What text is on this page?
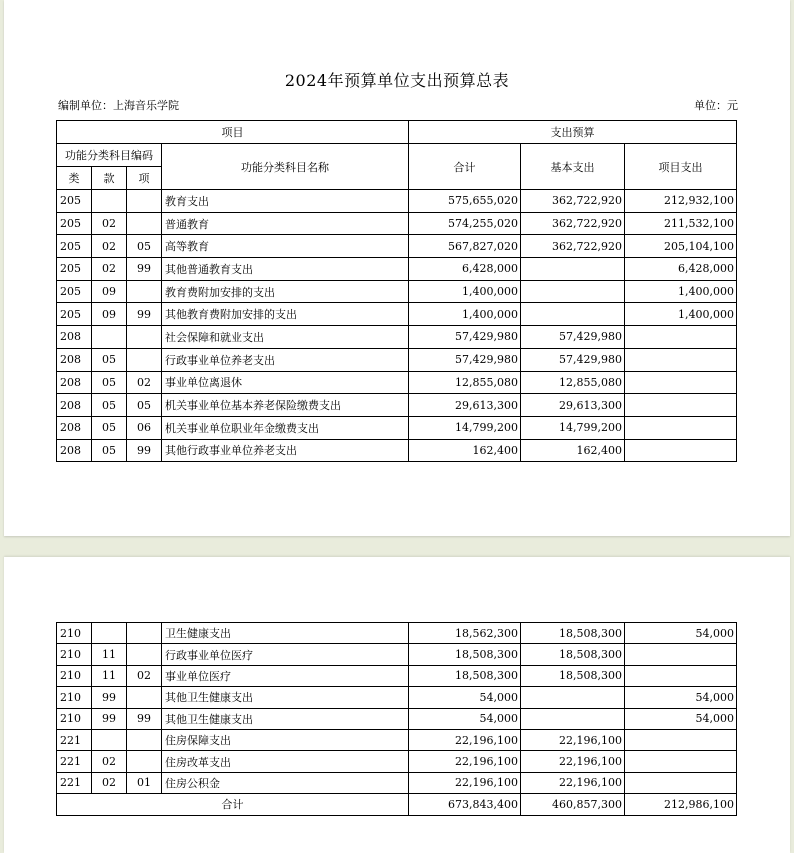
2024年预算单位支出预算总表
编制单位：上海音乐学院	单位：元
项目				支出预算		
功能分类科目编码			功能分类科目名称	合计	基本支出	项目支出
类	款	项				
205			教育支出	575,655,020	362,722,920	212,932,100
205	02		普通教育	574,255,020	362,722,920	211,532,100
205	02	05	高等教育	567,827,020	362,722,920	205,104,100
205	02	99	其他普通教育支出	6,428,000		6,428,000
205	09		教育费附加安排的支出	1,400,000		1,400,000
205	09	99	其他教育费附加安排的支出	1,400,000		1,400,000
208			社会保障和就业支出	57,429,980	57,429,980	
208	05		行政事业单位养老支出	57,429,980	57,429,980	
208	05	02	事业单位离退休	12,855,080	12,855,080	
208	05	05	机关事业单位基本养老保险缴费支出	29,613,300	29,613,300	
208	05	06	机关事业单位职业年金缴费支出	14,799,200	14,799,200	
208	05	99	其他行政事业单位养老支出	162,400	162,400	
210			卫生健康支出	18,562,300	18,508,300	54,000
210	11		行政事业单位医疗	18,508,300	18,508,300	
210	11	02	事业单位医疗	18,508,300	18,508,300	
210	99		其他卫生健康支出	54,000		54,000
210	99	99	其他卫生健康支出	54,000		54,000
221			住房保障支出	22,196,100	22,196,100	
221	02		住房改革支出	22,196,100	22,196,100	
221	02	01	住房公积金	22,196,100	22,196,100	
合计				673,843,400	460,857,300	212,986,100
